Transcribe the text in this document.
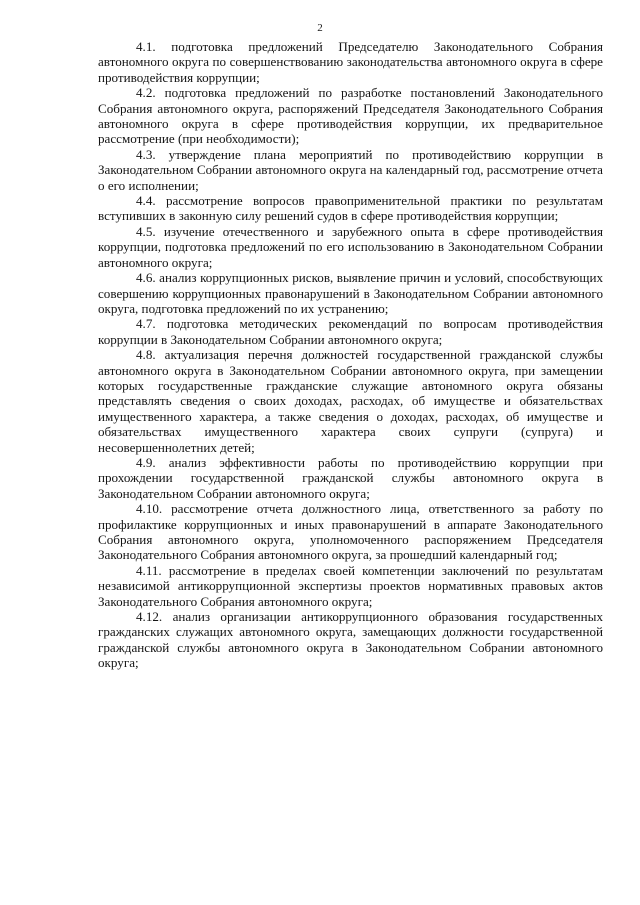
2

4.1. подготовка предложений Председателю Законодательного Собрания автономного округа по совершенствованию законодательства автономного округа в сфере противодействия коррупции;

4.2. подготовка предложений по разработке постановлений Законодательного Собрания автономного округа, распоряжений Председателя Законодательного Собрания автономного округа в сфере противодействия коррупции, их предварительное рассмотрение (при необходимости);

4.3. утверждение плана мероприятий по противодействию коррупции в Законодательном Собрании автономного округа на календарный год, рассмотрение отчета о его исполнении;

4.4. рассмотрение вопросов правоприменительной практики по результатам вступивших в законную силу решений судов в сфере противодействия коррупции;

4.5. изучение отечественного и зарубежного опыта в сфере противодействия коррупции, подготовка предложений по его использованию в Законодательном Собрании автономного округа;

4.6. анализ коррупционных рисков, выявление причин и условий, способствующих совершению коррупционных правонарушений в Законодательном Собрании автономного округа, подготовка предложений по их устранению;

4.7. подготовка методических рекомендаций по вопросам противодействия коррупции в Законодательном Собрании автономного округа;

4.8. актуализация перечня должностей государственной гражданской службы автономного округа в Законодательном Собрании автономного округа, при замещении которых государственные гражданские служащие автономного округа обязаны представлять сведения о своих доходах, расходах, об имуществе и обязательствах имущественного характера, а также сведения о доходах, расходах, об имуществе и обязательствах имущественного характера своих супруги (супруга) и несовершеннолетних детей;

4.9. анализ эффективности работы по противодействию коррупции при прохождении государственной гражданской службы автономного округа в Законодательном Собрании автономного округа;

4.10. рассмотрение отчета должностного лица, ответственного за работу по профилактике коррупционных и иных правонарушений в аппарате Законодательного Собрания автономного округа, уполномоченного распоряжением Председателя Законодательного Собрания автономного округа, за прошедший календарный год;

4.11. рассмотрение в пределах своей компетенции заключений по результатам независимой антикоррупционной экспертизы проектов нормативных правовых актов Законодательного Собрания автономного округа;

4.12. анализ организации антикоррупционного образования государственных гражданских служащих автономного округа, замещающих должности государственной гражданской службы автономного округа в Законодательном Собрании автономного округа;
